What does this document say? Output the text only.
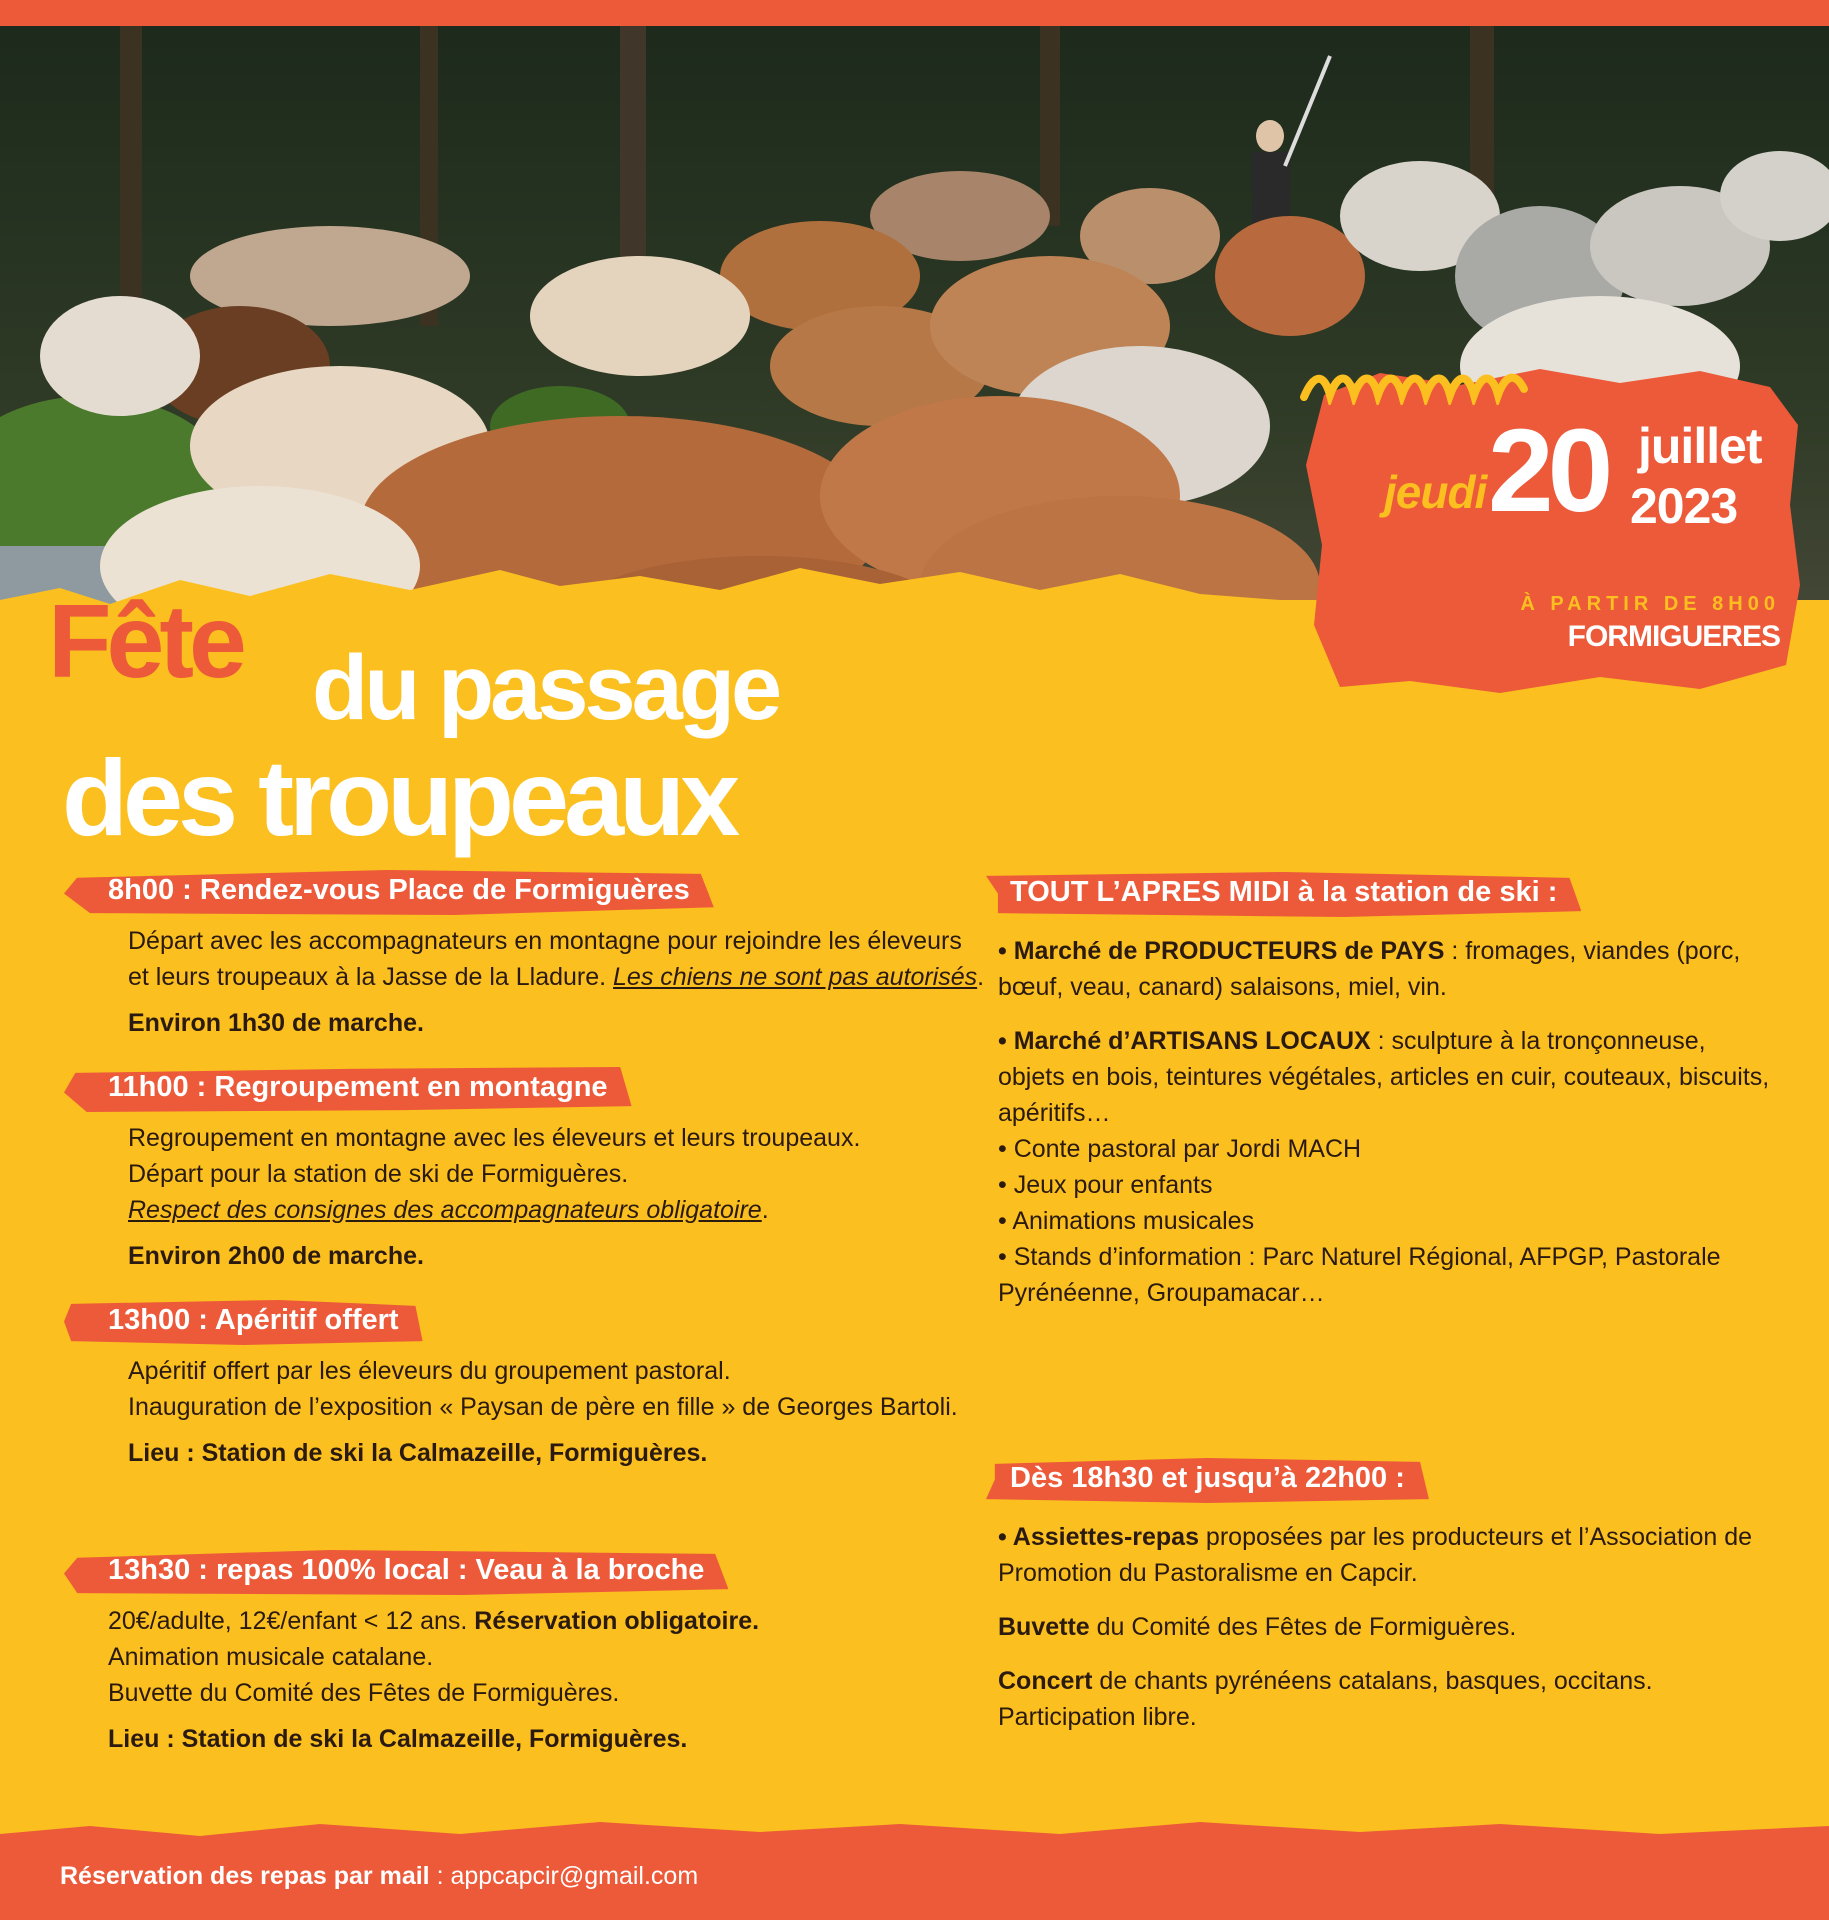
jeudi 20 juillet
2023
À PARTIR DE 8H00
FORMIGUERES
Fête du passage
des troupeaux
8h00 : Rendez-vous Place de Formiguères

Départ avec les accompagnateurs en montagne pour rejoindre les éleveurs

et leurs troupeaux à la Jasse de la Lladure. Les chiens ne sont pas autorisés.

Environ 1h30 de marche.

11h00 : Regroupement en montagne

Regroupement en montagne avec les éleveurs et leurs troupeaux.

Départ pour la station de ski de Formiguères.

Respect des consignes des accompagnateurs obligatoire.

Environ 2h00 de marche.

13h00 : Apéritif offert

Apéritif offert par les éleveurs du groupement pastoral.

Inauguration de l’exposition « Paysan de père en fille » de Georges Bartoli.

Lieu : Station de ski la Calmazeille, Formiguères.

13h30 : repas 100% local : Veau à la broche

20€/adulte, 12€/enfant < 12 ans. Réservation obligatoire.

Animation musicale catalane.

Buvette du Comité des Fêtes de Formiguères.

Lieu : Station de ski la Calmazeille, Formiguères.

TOUT L’APRES MIDI à la station de ski :

• Marché de PRODUCTEURS de PAYS : fromages, viandes (porc,

bœuf, veau, canard) salaisons, miel, vin.

• Marché d’ARTISANS LOCAUX : sculpture à la tronçonneuse,

objets en bois, teintures végétales, articles en cuir, couteaux, biscuits,

apéritifs…

• Conte pastoral par Jordi MACH

• Jeux pour enfants

• Animations musicales

• Stands d’information : Parc Naturel Régional, AFPGP, Pastorale

Pyrénéenne, Groupamacar…

Dès 18h30 et jusqu’à 22h00 :

• Assiettes-repas proposées par les producteurs et l’Association de

Promotion du Pastoralisme en Capcir.

Buvette du Comité des Fêtes de Formiguères.

Concert de chants pyrénéens catalans, basques, occitans.

Participation libre.

Réservation des repas par mail : appcapcir@gmail.com
